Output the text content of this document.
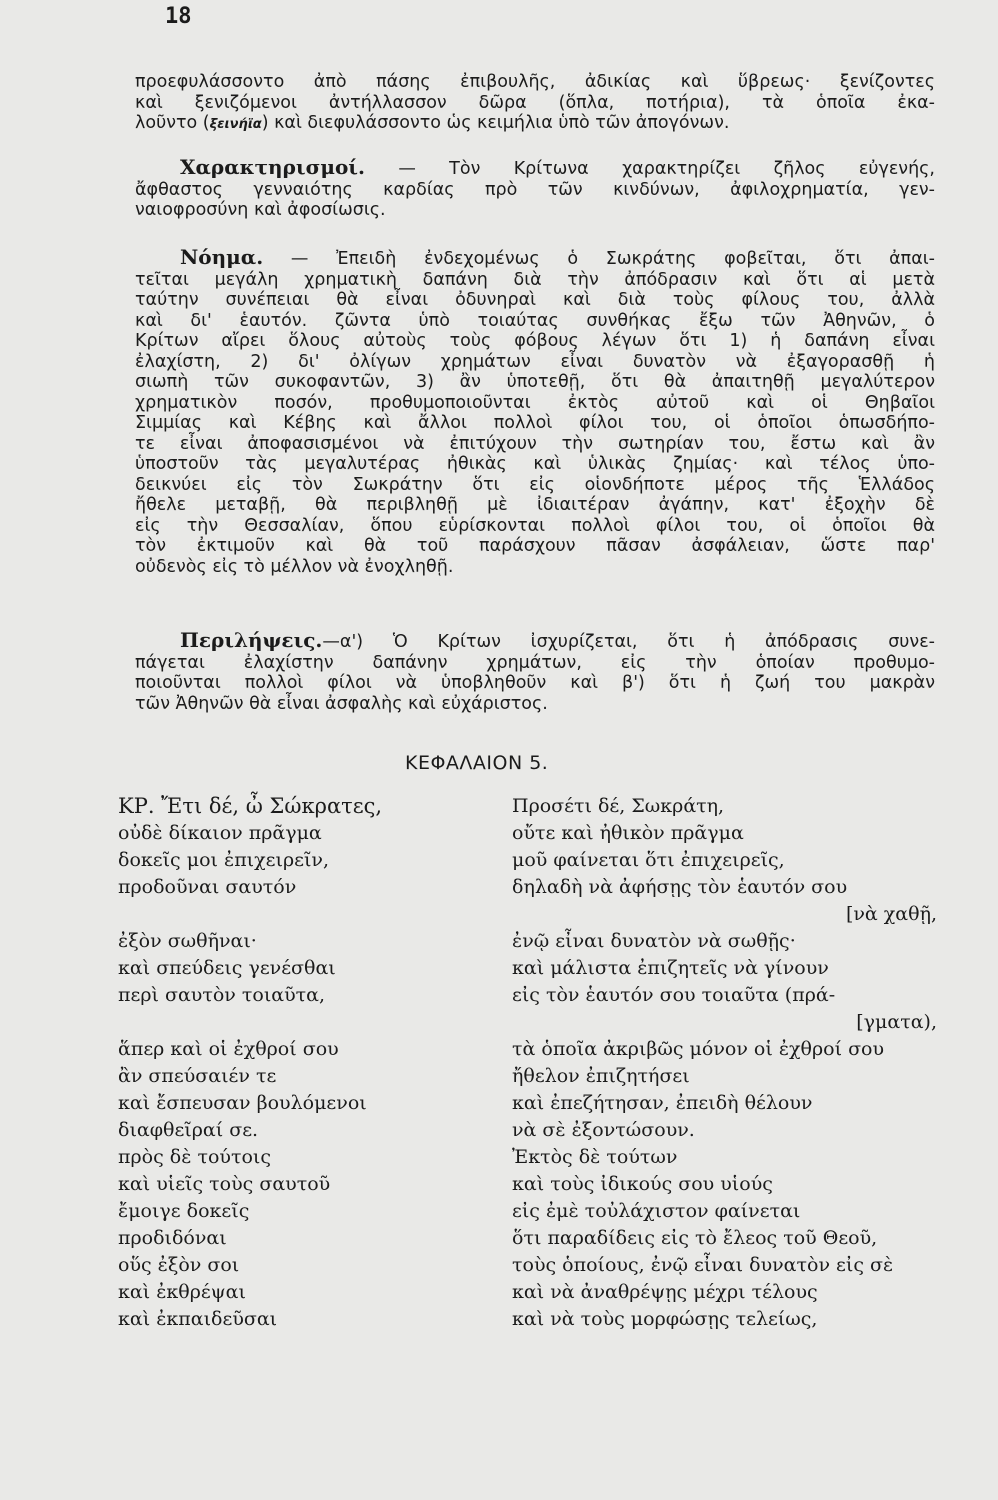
18
προεφυλάσσοντο ἀπὸ πάσης ἐπιβουλῆς, ἀδικίας καὶ ὕβρεως· ξενίζοντες
καὶ ξενιζόμενοι ἀντήλλασσον δῶρα (ὅπλα, ποτήρια), τὰ ὁποῖα ἐκα-
λοῦντο (ξεινήϊα) καὶ διεφυλάσσοντο ὡς κειμήλια ὑπὸ τῶν ἀπογόνων.
Χαρακτηρισμοί. — Τὸν Κρίτωνα χαρακτηρίζει ζῆλος εὐγενής,
ἄφθαστος γενναιότης καρδίας πρὸ τῶν κινδύνων, ἀφιλοχρηματία, γεν-
ναιοφροσύνη καὶ ἀφοσίωσις.
Νόημα. — Ἐπειδὴ ἐνδεχομένως ὁ Σωκράτης φοβεῖται, ὅτι ἀπαι-
τεῖται μεγάλη χρηματικὴ δαπάνη διὰ τὴν ἀπόδρασιν καὶ ὅτι αἱ μετὰ
ταύτην συνέπειαι θὰ εἶναι ὀδυνηραὶ καὶ διὰ τοὺς φίλους του, ἀλλὰ
καὶ δι' ἑαυτόν. ζῶντα ὑπὸ τοιαύτας συνθήκας ἔξω τῶν Ἀθηνῶν, ὁ
Κρίτων αἴρει ὅλους αὐτοὺς τοὺς φόβους λέγων ὅτι 1) ἡ δαπάνη εἶναι
ἐλαχίστη, 2) δι' ὀλίγων χρημάτων εἶναι δυνατὸν νὰ ἐξαγορασθῇ ἡ
σιωπὴ τῶν συκοφαντῶν, 3) ἂν ὑποτεθῇ, ὅτι θὰ ἀπαιτηθῇ μεγαλύτερον
χρηματικὸν ποσόν, προθυμοποιοῦνται ἐκτὸς αὐτοῦ καὶ οἱ Θηβαῖοι
Σιμμίας καὶ Κέβης καὶ ἄλλοι πολλοὶ φίλοι του, οἱ ὁποῖοι ὁπωσδήπο-
τε εἶναι ἀποφασισμένοι νὰ ἐπιτύχουν τὴν σωτηρίαν του, ἔστω καὶ ἂν
ὑποστοῦν τὰς μεγαλυτέρας ἠθικὰς καὶ ὑλικὰς ζημίας· καὶ τέλος ὑπο-
δεικνύει εἰς τὸν Σωκράτην ὅτι εἰς οἱονδήποτε μέρος τῆς Ἑλλάδος
ἤθελε μεταβῇ, θὰ περιβληθῇ μὲ ἰδιαιτέραν ἀγάπην, κατ' ἐξοχὴν δὲ
εἰς τὴν Θεσσαλίαν, ὅπου εὑρίσκονται πολλοὶ φίλοι του, οἱ ὁποῖοι θὰ
τὸν ἐκτιμοῦν καὶ θὰ τοῦ παράσχουν πᾶσαν ἀσφάλειαν, ὥστε παρ'
οὐδενὸς εἰς τὸ μέλλον νὰ ἐνοχληθῇ.
Περιλήψεις.—α') Ὁ Κρίτων ἰσχυρίζεται, ὅτι ἡ ἀπόδρασις συνε-
πάγεται ἐλαχίστην δαπάνην χρημάτων, εἰς τὴν ὁποίαν προθυμο-
ποιοῦνται πολλοὶ φίλοι νὰ ὑποβληθοῦν καὶ β') ὅτι ἡ ζωή του μακρὰν
τῶν Ἀθηνῶν θὰ εἶναι ἀσφαλὴς καὶ εὐχάριστος.
ΚΕΦΑΛΑΙΟΝ 5.
ΚΡ. Ἔτι δέ, ὦ Σώκρατες,
οὐδὲ δίκαιον πρᾶγμα
δοκεῖς μοι ἐπιχειρεῖν,
προδοῦναι σαυτόν
ἐξὸν σωθῆναι·
καὶ σπεύδεις γενέσθαι
περὶ σαυτὸν τοιαῦτα,
ἅπερ καὶ οἱ ἐχθροί σου
ἂν σπεύσαιέν τε
καὶ ἔσπευσαν βουλόμενοι
διαφθεῖραί σε.
πρὸς δὲ τούτοις
καὶ υἱεῖς τοὺς σαυτοῦ
ἔμοιγε δοκεῖς
προδιδόναι
οὕς ἐξὸν σοι
καὶ ἐκθρέψαι
καὶ ἐκπαιδεῦσαι
Προσέτι δέ, Σωκράτη,
οὔτε καὶ ἠθικὸν πρᾶγμα
μοῦ φαίνεται ὅτι ἐπιχειρεῖς,
δηλαδὴ νὰ ἀφήσῃς τὸν ἑαυτόν σου
[νὰ χαθῇ,
ἐνῷ εἶναι δυνατὸν νὰ σωθῇς·
καὶ μάλιστα ἐπιζητεῖς νὰ γίνουν
εἰς τὸν ἑαυτόν σου τοιαῦτα (πρά-
[γματα),
τὰ ὁποῖα ἀκριβῶς μόνον οἱ ἐχθροί σου
ἤθελον ἐπιζητήσει
καὶ ἐπεζήτησαν, ἐπειδὴ θέλουν
νὰ σὲ ἐξοντώσουν.
Ἐκτὸς δὲ τούτων
καὶ τοὺς ἰδικούς σου υἱούς
εἰς ἐμὲ τοὐλάχιστον φαίνεται
ὅτι παραδίδεις εἰς τὸ ἔλεος τοῦ Θεοῦ,
τοὺς ὁποίους, ἐνῷ εἶναι δυνατὸν εἰς σὲ
καὶ νὰ ἀναθρέψῃς μέχρι τέλους
καὶ νὰ τοὺς μορφώσῃς τελείως,
